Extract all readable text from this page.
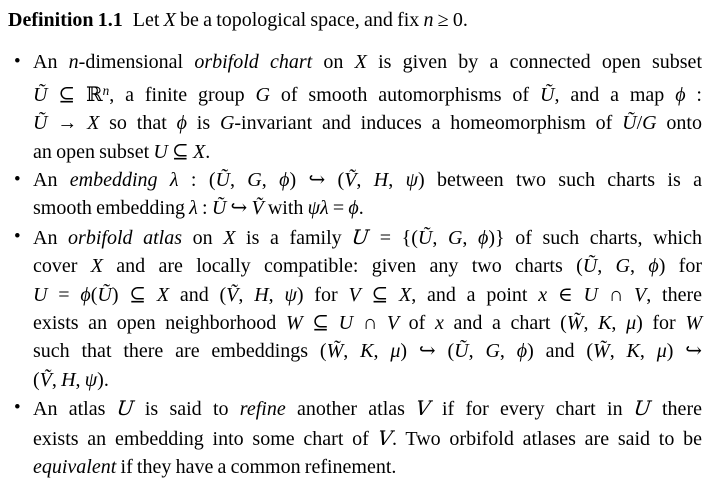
Definition 1.1 Let X be a topological space, and fix n ≥ 0.

• An n-dimensional orbifold chart on X is given by a connected open subset
Ũ ⊆ ℝ$^n$, a finite group G of smooth automorphisms of Ũ, and a map ϕ :
Ũ → X so that ϕ is G-invariant and induces a homeomorphism of Ũ/G onto
an open subset U ⊆ X.
• An embedding λ : (Ũ, G, ϕ) ↪ (Ṽ, H, ψ) between two such charts is a
smooth embedding λ : Ũ ↪ Ṽ with ψλ = ϕ.
• An orbifold atlas on X is a family U = {(Ũ, G, ϕ)} of such charts, which
cover X and are locally compatible: given any two charts (Ũ, G, ϕ) for
U = ϕ(Ũ) ⊆ X and (Ṽ, H, ψ) for V ⊆ X, and a point x ∈ U ∩ V, there
exists an open neighborhood W ⊆ U ∩ V of x and a chart (W̃, K, μ) for W
such that there are embeddings (W̃, K, μ) ↪ (Ũ, G, ϕ) and (W̃, K, μ) ↪
(Ṽ, H, ψ).
• An atlas U is said to refine another atlas V if for every chart in U there
exists an embedding into some chart of V. Two orbifold atlases are said to be
equivalent if they have a common refinement.
